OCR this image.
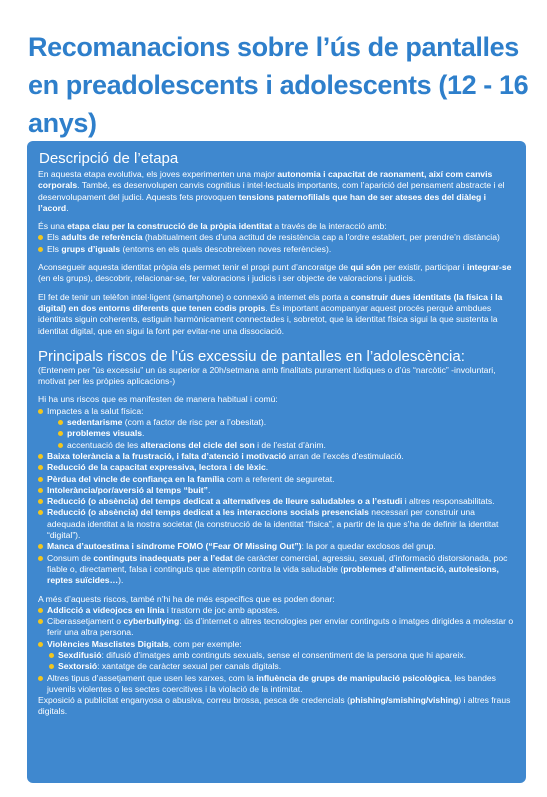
Recomanacions sobre l’ús de pantalles en preadolescents i adolescents (12 - 16 anys)
Descripció de l’etapa

En aquesta etapa evolutiva, els joves experimenten una major autonomia i capacitat de raonament, així com canvis corporals. També, es desenvolupen canvis cognitius i intel·lectuals importants, com l’aparició del pensament abstracte i el desenvolupament del judici. Aquests fets provoquen tensions paternofilials que han de ser ateses des del diàleg i l’acord.

És una etapa clau per la construcció de la pròpia identitat a través de la interacció amb:

Els adults de referència (habitualment des d’una actitud de resistència cap a l’ordre establert, per prendre’n distància)
Els grups d’iguals (entorns en els quals descobreixen noves referències).

Aconsegueir aquesta identitat pròpia els permet tenir el propi punt d’ancoratge de qui són per existir, participar i integrar-se (en els grups), descobrir, relacionar-se, fer valoracions i judicis i ser objecte de valoracions i judicis.

El fet de tenir un telèfon intel·ligent (smartphone) o connexió a internet els porta a construir dues identitats (la física i la digital) en dos entorns diferents que tenen codis propis. És important acompanyar aquest procés perquè ambdues identitats siguin coherents, estiguin harmònicament connectades i, sobretot, que la identitat física sigui la que sustenta la identitat digital, que en sigui la font per evitar-ne una dissociació.

Principals riscos de l’ús excessiu de pantalles en l’adolescència:

(Entenem per “ús excessiu” un ús superior a 20h/setmana amb finalitats purament lúdiques o d’ús “narcòtic” -involuntari, motivat per les pròpies aplicacions-)

Hi ha uns riscos que es manifesten de manera habitual i comú:

Impactes a la salut física:
sedentarisme (com a factor de risc per a l’obesitat).
problemes visuals.
accentuació de les alteracions del cicle del son i de l’estat d’ànim.
Baixa tolerància a la frustració, i falta d’atenció i motivació arran de l’excés d’estimulació.
Reducció de la capacitat expressiva, lectora i de lèxic.
Pèrdua del vincle de confiança en la família com a referent de seguretat.
Intolerància/por/aversió al temps “buit”.
Reducció (o absència) del temps dedicat a alternatives de lleure saludables o a l’estudi i altres responsabilitats.
Reducció (o absència) del temps dedicat a les interaccions socials presencials necessari per construir una adequada identitat a la nostra societat (la construcció de la identitat “física”, a partir de la que s’ha de definir la identitat “digital”).
Manca d’autoestima i síndrome FOMO (“Fear Of Missing Out”): la por a quedar exclosos del grup.
Consum de continguts inadequats per a l’edat de caràcter comercial, agressiu, sexual, d’informació distorsionada, poc fiable o, directament, falsa i continguts que atemptin contra la vida saludable (problemes d’alimentació, autolesions, reptes suïcides…).

A més d’aquests riscos, també n’hi ha de més específics que es poden donar:

Addicció a videojocs en línia i trastorn de joc amb apostes.
Ciberassetjament o cyberbullying: ús d’internet o altres tecnologies per enviar continguts o imatges dirigides a molestar o ferir una altra persona.
Violències Masclistes Digitals, com per exemple:
Sexdifusió: difusió d’imatges amb continguts sexuals, sense el consentiment de la persona que hi apareix.
Sextorsió: xantatge de caràcter sexual per canals digitals.
Altres tipus d’assetjament que usen les xarxes, com la influència de grups de manipulació psicològica, les bandes juvenils violentes o les sectes coercitives i la violació de la intimitat.

Exposició a publicitat enganyosa o abusiva, correu brossa, pesca de credencials (phishing/smishing/vishing) i altres fraus digitals.
